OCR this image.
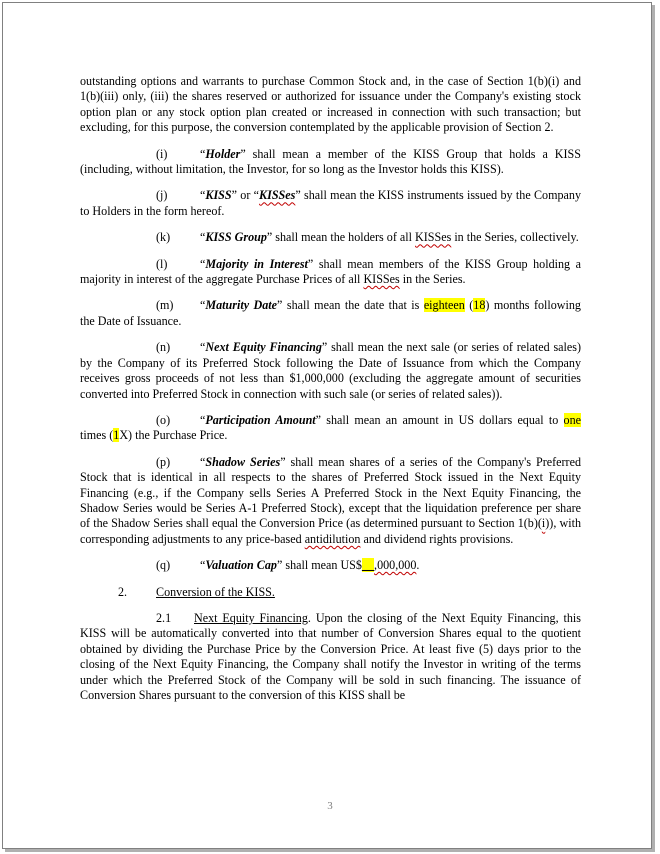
outstanding options and warrants to purchase Common Stock and, in the case of Section 1(b)(i) and 1(b)(iii) only, (iii) the shares reserved or authorized for issuance under the Company's existing stock option plan or any stock option plan created or increased in connection with such transaction; but excluding, for this purpose, the conversion contemplated by the applicable provision of Section 2.

(i)	“Holder” shall mean a member of the KISS Group that holds a KISS (including, without limitation, the Investor, for so long as the Investor holds this KISS).

(j)	“KISS” or “KISSes” shall mean the KISS instruments issued by the Company to Holders in the form hereof.

(k) “KISS Group” shall mean the holders of all KISSes in the Series, collectively.

(l)	“Majority in Interest” shall mean members of the KISS Group holding a majority in interest of the aggregate Purchase Prices of all KISSes in the Series.

(m) “Maturity Date” shall mean the date that is eighteen (18) months following the Date of Issuance.

(n) “Next Equity Financing” shall mean the next sale (or series of related sales) by the Company of its Preferred Stock following the Date of Issuance from which the Company receives gross proceeds of not less than $1,000,000 (excluding the aggregate amount of securities converted into Preferred Stock in connection with such sale (or series of related sales)).

(o) “Participation Amount” shall mean an amount in US dollars equal to one times (1X) the Purchase Price.

(p) “Shadow Series” shall mean shares of a series of the Company's Preferred Stock that is identical in all respects to the shares of Preferred Stock issued in the Next Equity Financing (e.g., if the Company sells Series A Preferred Stock in the Next Equity Financing, the Shadow Series would be Series A-1 Preferred Stock), except that the liquidation preference per share of the Shadow Series shall equal the Conversion Price (as determined pursuant to Section 1(b)(i)), with corresponding adjustments to any price-based antidilution and dividend rights provisions.

(q) “Valuation Cap” shall mean US$__,000,000.

2. Conversion of the KISS.

2.1 Next Equity Financing. Upon the closing of the Next Equity Financing, this KISS will be automatically converted into that number of Conversion Shares equal to the quotient obtained by dividing the Purchase Price by the Conversion Price. At least five (5) days prior to the closing of the Next Equity Financing, the Company shall notify the Investor in writing of the terms under which the Preferred Stock of the Company will be sold in such financing. The issuance of Conversion Shares pursuant to the conversion of this KISS shall be

3
